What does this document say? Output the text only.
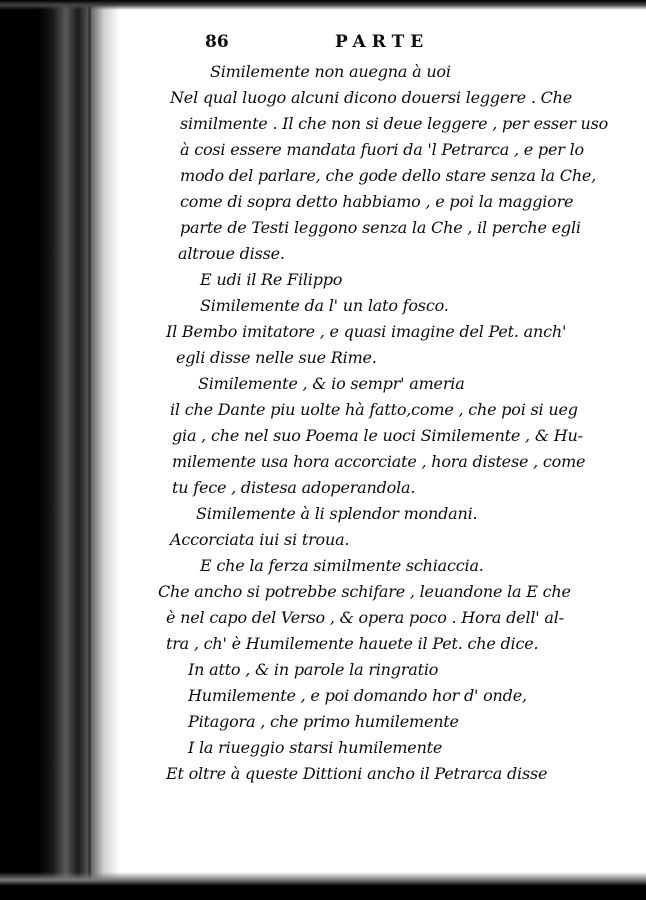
86	PARTE
Similemente non auegna à uoi
Nel qual luogo alcuni dicono douersi leggere . Che
similmente . Il che non si deue leggere , per esser uso
à cosi essere mandata fuori da 'l Petrarca , e per lo
modo del parlare, che gode dello stare senza la Che,
come di sopra detto habbiamo , e poi la maggiore
parte de Testi leggono senza la Che , il perche egli
altroue disse.
E udi il Re Filippo
Similemente da l' un lato fosco.
Il Bembo imitatore , e quasi imagine del Pet. anch'
egli disse nelle sue Rime.
Similemente , & io sempr' ameria
il che Dante piu uolte hà fatto,come , che poi si ueg
gia , che nel suo Poema le uoci Similemente , & Hu-
milemente usa hora accorciate , hora distese , come
tu fece , distesa adoperandola.
Similemente à li splendor mondani.
Accorciata iui si troua.
E che la ferza similmente schiaccia.
Che ancho si potrebbe schifare , leuandone la E che
è nel capo del Verso , & opera poco . Hora dell' al-
tra , ch' è Humilemente hauete il Pet. che dice.
In atto , & in parole la ringratio
Humilemente , e poi domando hor d' onde,
Pitagora , che primo humilemente
I la riueggio starsi humilemente
Et oltre à queste Dittioni ancho il Petrarca disse
